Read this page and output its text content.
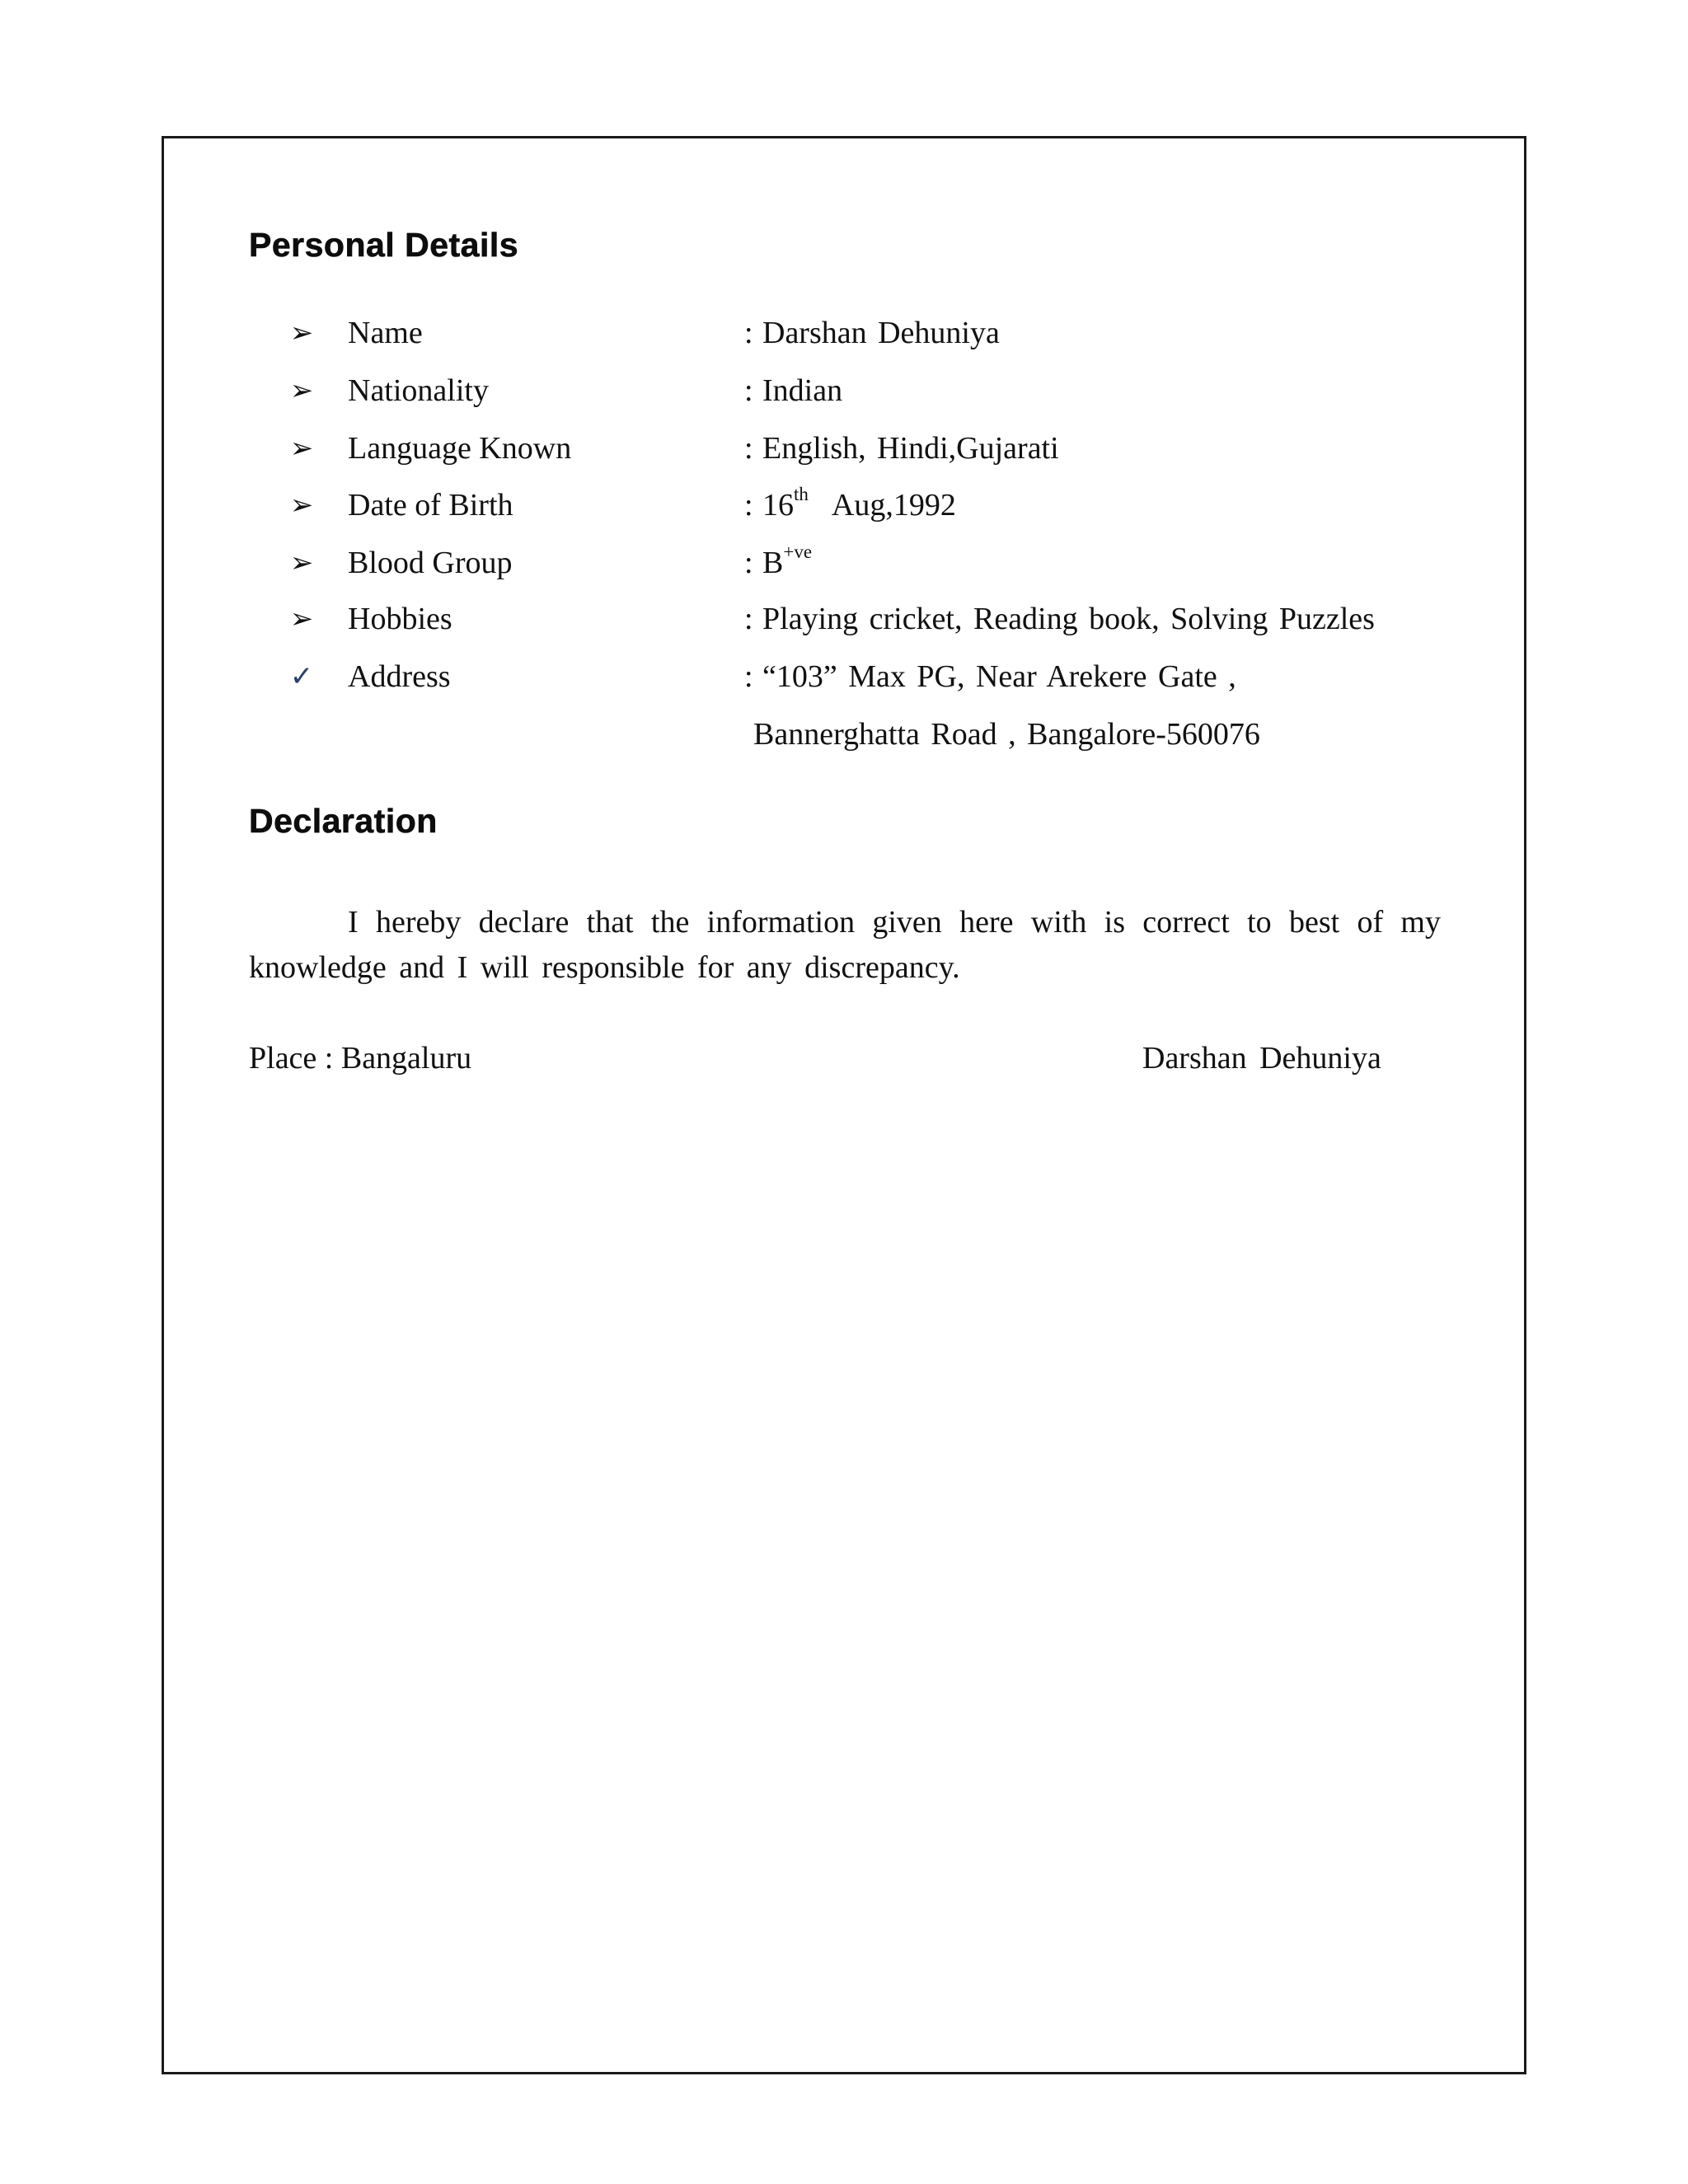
Personal Details
➢ Name	: Darshan Dehuniya
➢ Nationality	: Indian
➢ Language Known	: English, Hindi,Gujarati
➢ Date of Birth	: 16th Aug,1992
➢ Blood Group	: $B^{+ve}$
➢ Hobbies	: Playing cricket, Reading book, Solving Puzzles
✓ Address	: “103” Max PG, Near Arekere Gate ,
Bannerghatta Road , Bangalore-560076
Declaration
I hereby declare that the information given here with is correct to best of my knowledge and I will responsible for any discrepancy.
Place : Bangaluru	Darshan Dehuniya
